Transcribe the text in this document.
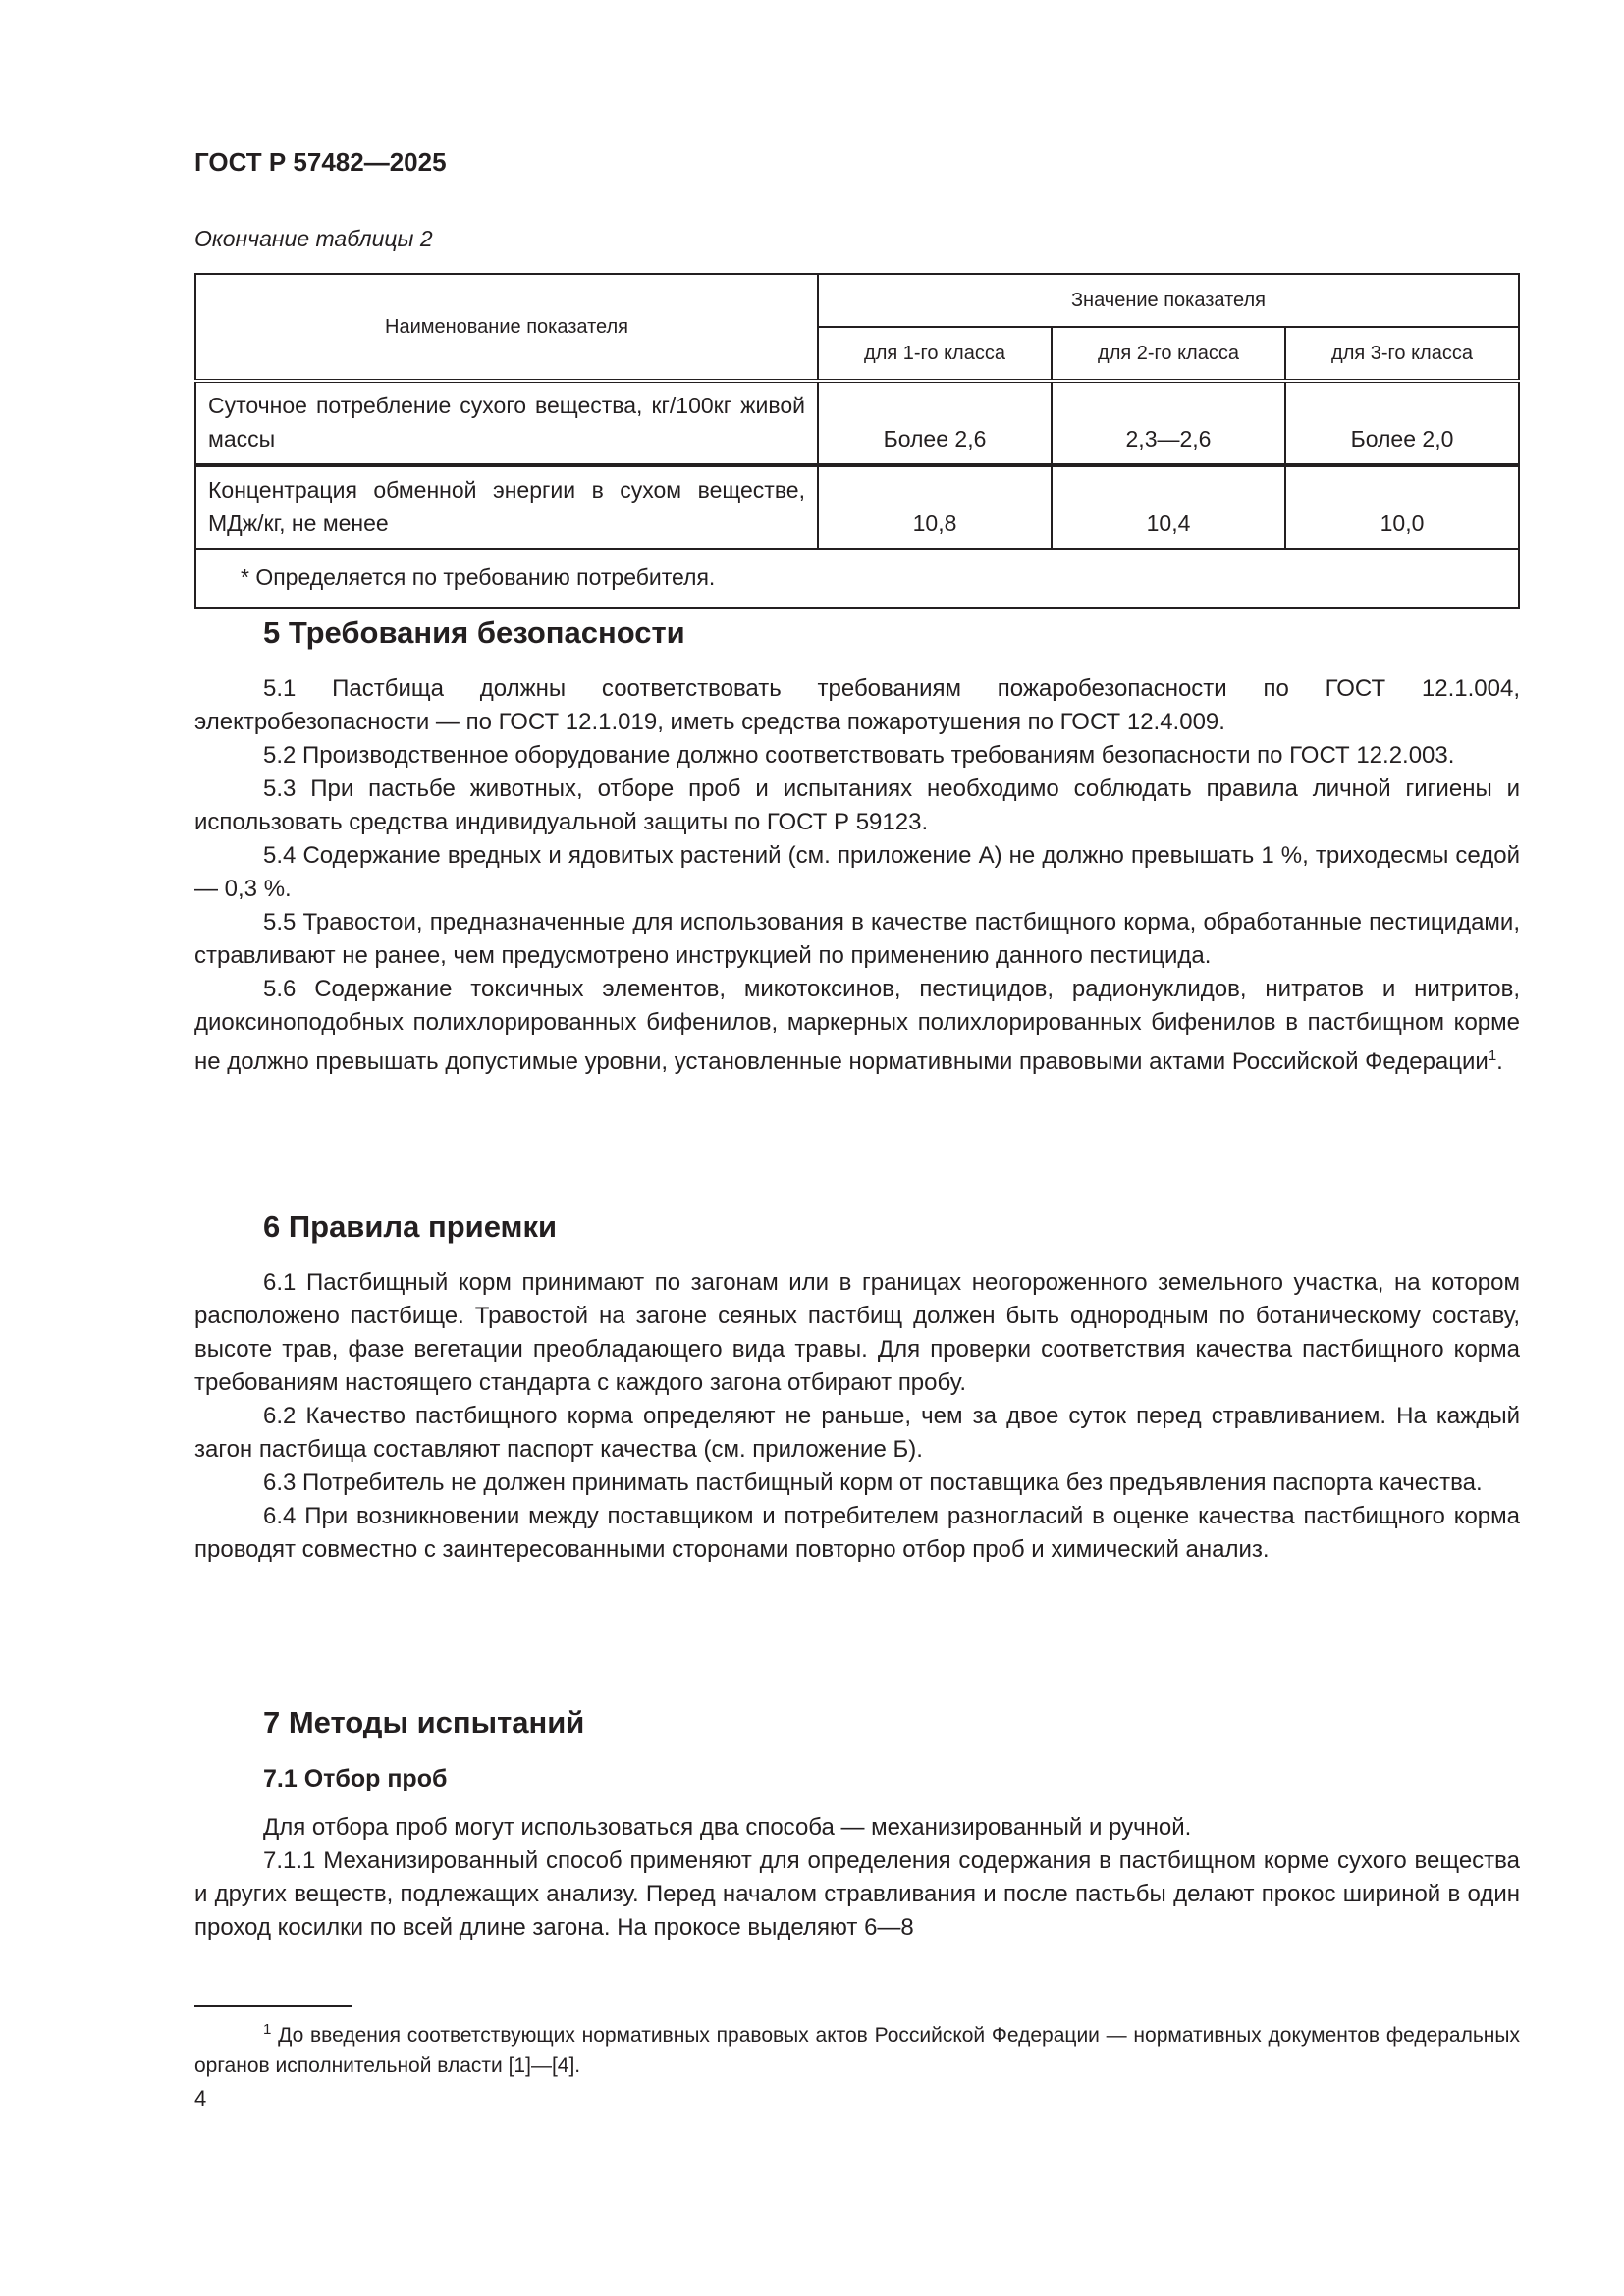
ГОСТ Р 57482—2025
Окончание таблицы 2
Наименование показателя	Значение показателя		
	для 1-го класса	для 2-го класса	для 3-го класса
Суточное потребление сухого вещества, кг/100кг живой массы	Более 2,6	2,3—2,6	Более 2,0
Концентрация обменной энергии в сухом веществе, МДж/кг, не менее	10,8	10,4	10,0
* Определяется по требованию потребителя.			
5 Требования безопасности

5.1 Пастбища должны соответствовать требованиям пожаробезопасности по ГОСТ 12.1.004, электробезопасности — по ГОСТ 12.1.019, иметь средства пожаротушения по ГОСТ 12.4.009.

5.2 Производственное оборудование должно соответствовать требованиям безопасности по ГОСТ 12.2.003.

5.3 При пастьбе животных, отборе проб и испытаниях необходимо соблюдать правила личной гигиены и использовать средства индивидуальной защиты по ГОСТ Р 59123.

5.4 Содержание вредных и ядовитых растений (см. приложение А) не должно превышать 1 %, триходесмы седой — 0,3 %.

5.5 Травостои, предназначенные для использования в качестве пастбищного корма, обработанные пестицидами, стравливают не ранее, чем предусмотрено инструкцией по применению данного пестицида.

5.6 Содержание токсичных элементов, микотоксинов, пестицидов, радионуклидов, нитратов и нитритов, диоксиноподобных полихлорированных бифенилов, маркерных полихлорированных бифенилов в пастбищном корме не должно превышать допустимые уровни, установленные нормативными правовыми актами Российской Федерации$^1$.

6 Правила приемки

6.1 Пастбищный корм принимают по загонам или в границах неогороженного земельного участка, на котором расположено пастбище. Травостой на загоне сеяных пастбищ должен быть однородным по ботаническому составу, высоте трав, фазе вегетации преобладающего вида травы. Для проверки соответствия качества пастбищного корма требованиям настоящего стандарта с каждого загона отбирают пробу.

6.2 Качество пастбищного корма определяют не раньше, чем за двое суток перед стравливанием. На каждый загон пастбища составляют паспорт качества (см. приложение Б).

6.3 Потребитель не должен принимать пастбищный корм от поставщика без предъявления паспорта качества.

6.4 При возникновении между поставщиком и потребителем разногласий в оценке качества пастбищного корма проводят совместно с заинтересованными сторонами повторно отбор проб и химический анализ.

7 Методы испытаний
7.1 Отбор проб

Для отбора проб могут использоваться два способа — механизированный и ручной.

7.1.1 Механизированный способ применяют для определения содержания в пастбищном корме сухого вещества и других веществ, подлежащих анализу. Перед началом стравливания и после пастьбы делают прокос шириной в один проход косилки по всей длине загона. На прокосе выделяют 6—8

$^1$ До введения соответствующих нормативных правовых актов Российской Федерации — нормативных документов федеральных органов исполнительной власти [1]—[4].
4
